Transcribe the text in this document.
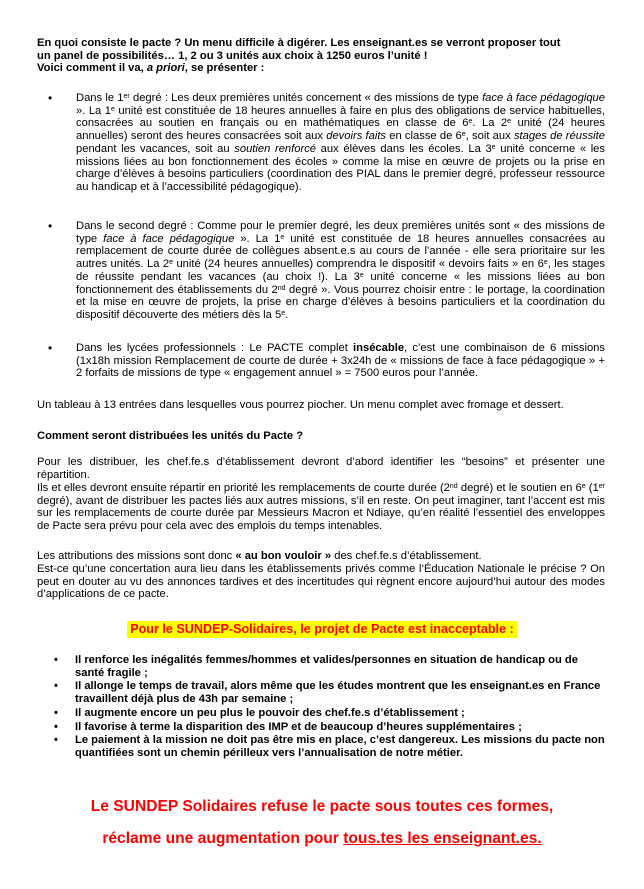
En quoi consiste le pacte ? Un menu difficile à digérer. Les enseignant.es se verront proposer tout
un panel de possibilités… 1, 2 ou 3 unités aux choix à 1250 euros l’unité !
Voici comment il va, a priori, se présenter :
• Dans le 1er degré : Les deux premières unités concernent « des missions de type face à face pédagogique ». La 1e unité est constituée de 18 heures annuelles à faire en plus des obligations de service habituelles, consacrées au soutien en français ou en mathématiques en classe de 6e. La 2e unité (24 heures annuelles) seront des heures consacrées soit aux devoirs faits en classe de 6e, soit aux stages de réussite pendant les vacances, soit au soutien renforcé aux élèves dans les écoles. La 3e unité concerne « les missions liées au bon fonctionnement des écoles » comme la mise en œuvre de projets ou la prise en charge d’élèves à besoins particuliers (coordination des PIAL dans le premier degré, professeur ressource au handicap et à l’accessibilité pédagogique).
• Dans le second degré : Comme pour le premier degré, les deux premières unités sont « des missions de type face à face pédagogique ». La 1e unité est constituée de 18 heures annuelles consacrées au remplacement de courte durée de collègues absent.e.s au cours de l’année - elle sera prioritaire sur les autres unités. La 2e unité (24 heures annuelles) comprendra le dispositif « devoirs faits » en 6e, les stages de réussite pendant les vacances (au choix !). La 3e unité concerne « les missions liées au bon fonctionnement des établissements du 2nd degré ». Vous pourrez choisir entre : le portage, la coordination et la mise en œuvre de projets, la prise en charge d’élèves à besoins particuliers et la coordination du dispositif découverte des métiers dès la 5e.
• Dans les lycées professionnels : Le PACTE complet insécable, c’est une combinaison de 6 missions (1x18h mission Remplacement de courte de durée + 3x24h de « missions de face à face pédagogique » + 2 forfaits de missions de type « engagement annuel » = 7500 euros pour l’année.
Un tableau à 13 entrées dans lesquelles vous pourrez piocher. Un menu complet avec fromage et dessert.
Comment seront distribuées les unités du Pacte ?
Pour les distribuer, les chef.fe.s d’établissement devront d’abord identifier les “besoins” et présenter une répartition.
Ils et elles devront ensuite répartir en priorité les remplacements de courte durée (2nd degré) et le soutien en 6e (1er degré), avant de distribuer les pactes liés aux autres missions, s’il en reste. On peut imaginer, tant l’accent est mis sur les remplacements de courte durée par Messieurs Macron et Ndiaye, qu’en réalité l’essentiel des enveloppes de Pacte sera prévu pour cela avec des emplois du temps intenables.
Les attributions des missions sont donc « au bon vouloir » des chef.fe.s d’établissement.
Est-ce qu’une concertation aura lieu dans les établissements privés comme l’Éducation Nationale le précise ? On peut en douter au vu des annonces tardives et des incertitudes qui règnent encore aujourd’hui autour des modes d’applications de ce pacte.
Pour le SUNDEP-Solidaires, le projet de Pacte est inacceptable :
• Il renforce les inégalités femmes/hommes et valides/personnes en situation de handicap ou de santé fragile ;
• Il allonge le temps de travail, alors même que les études montrent que les enseignant.es en France travaillent déjà plus de 43h par semaine ;
• Il augmente encore un peu plus le pouvoir des chef.fe.s d’établissement ;
• Il favorise à terme la disparition des IMP et de beaucoup d’heures supplémentaires ;
• Le paiement à la mission ne doit pas être mis en place, c’est dangereux. Les missions du pacte non quantifiées sont un chemin périlleux vers l’annualisation de notre métier.
Le SUNDEP Solidaires refuse le pacte sous toutes ces formes,
réclame une augmentation pour tous.tes les enseignant.es.
